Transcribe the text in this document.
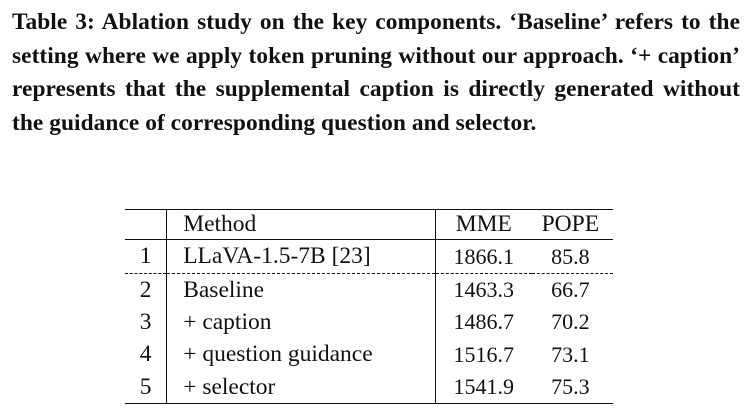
Table 3: Ablation study on the key components. ‘Baseline’ refers to the setting where we apply token pruning without our approach. ‘+ caption’ represents that the supplemental caption is directly generated without the guidance of corresponding question and selector.
	Method	MME	POPE
1	LLaVA-1.5-7B [23]	1866.1	85.8
2	Baseline	1463.3	66.7
3	+ caption	1486.7	70.2
4	+ question guidance	1516.7	73.1
5	+ selector	1541.9	75.3
